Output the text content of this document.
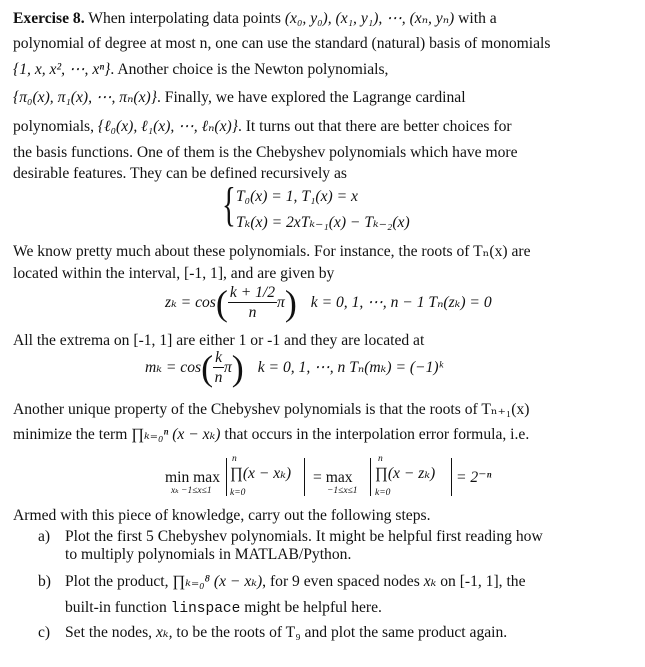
Exercise 8. When interpolating data points (x₀, y₀), (x₁, y₁), ⋯, (xₙ, yₙ) with a
polynomial of degree at most n, one can use the standard (natural) basis of monomials
{1, x, x², ⋯, xⁿ}. Another choice is the Newton polynomials,
{π₀(x), π₁(x), ⋯, πₙ(x)}. Finally, we have explored the Lagrange cardinal
polynomials, {ℓ₀(x), ℓ₁(x), ⋯, ℓₙ(x)}. It turns out that there are better choices for
the basis functions. One of them is the Chebyshev polynomials which have more
desirable features. They can be defined recursively as
{ T₀(x) = 1, T₁(x) = x
Tₖ(x) = 2xTₖ₋₁(x) − Tₖ₋₂(x)
We know pretty much about these polynomials. For instance, the roots of Tₙ(x) are
located within the interval, [-1, 1], and are given by
$z_k = \cos( \frac{k + 1/2}{n} \pi)$ k = 0, 1, ⋯, n − 1 Tₙ(zₖ) = 0
All the extrema on [-1, 1] are either 1 or -1 and they are located at
$m_k = \cos( \frac{k}{n} \pi)$ k = 0, 1, ⋯, n Tₙ(mₖ) = (−1)ᵏ
Another unique property of the Chebyshev polynomials is that the roots of Tₙ₊₁(x)
minimize the term ∏ₖ₌₀ⁿ (x − xₖ) that occurs in the interpolation error formula, i.e.
min max
xₖ −1≤x≤1
n
∏(x − xₖ)
k=0
= max
−1≤x≤1
n
∏(x − zₖ)
k=0
= 2⁻ⁿ
Armed with this piece of knowledge, carry out the following steps.
a) Plot the first 5 Chebyshev polynomials. It might be helpful first reading how
to multiply polynomials in MATLAB/Python.
b) Plot the product, ∏ₖ₌₀⁸ (x − xₖ), for 9 even spaced nodes xₖ on [-1, 1], the
built-in function linspace might be helpful here.
c) Set the nodes, xₖ, to be the roots of T₉ and plot the same product again.
